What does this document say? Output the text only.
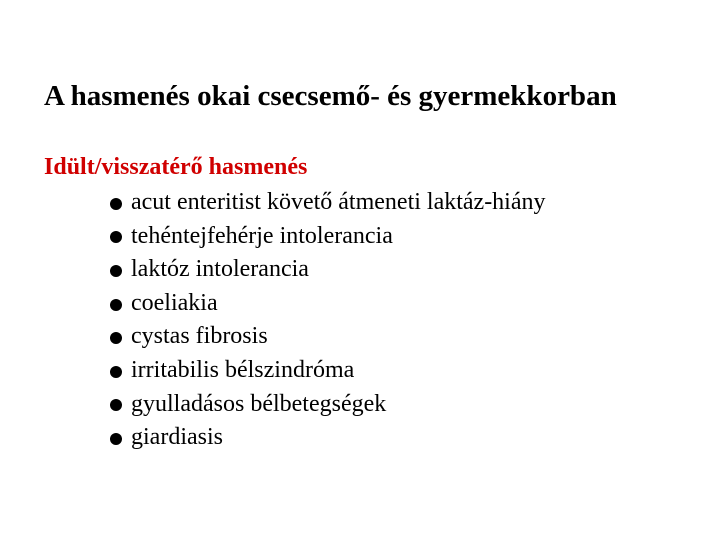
A hasmenés okai csecsemő- és gyermekkorban
Idült/visszatérő hasmenés
acut enteritist követő átmeneti laktáz-hiány
tehéntejfehérje intolerancia
laktóz intolerancia
coeliakia
cystas fibrosis
irritabilis bélszindróma
gyulladásos bélbetegségek
giardiasis
